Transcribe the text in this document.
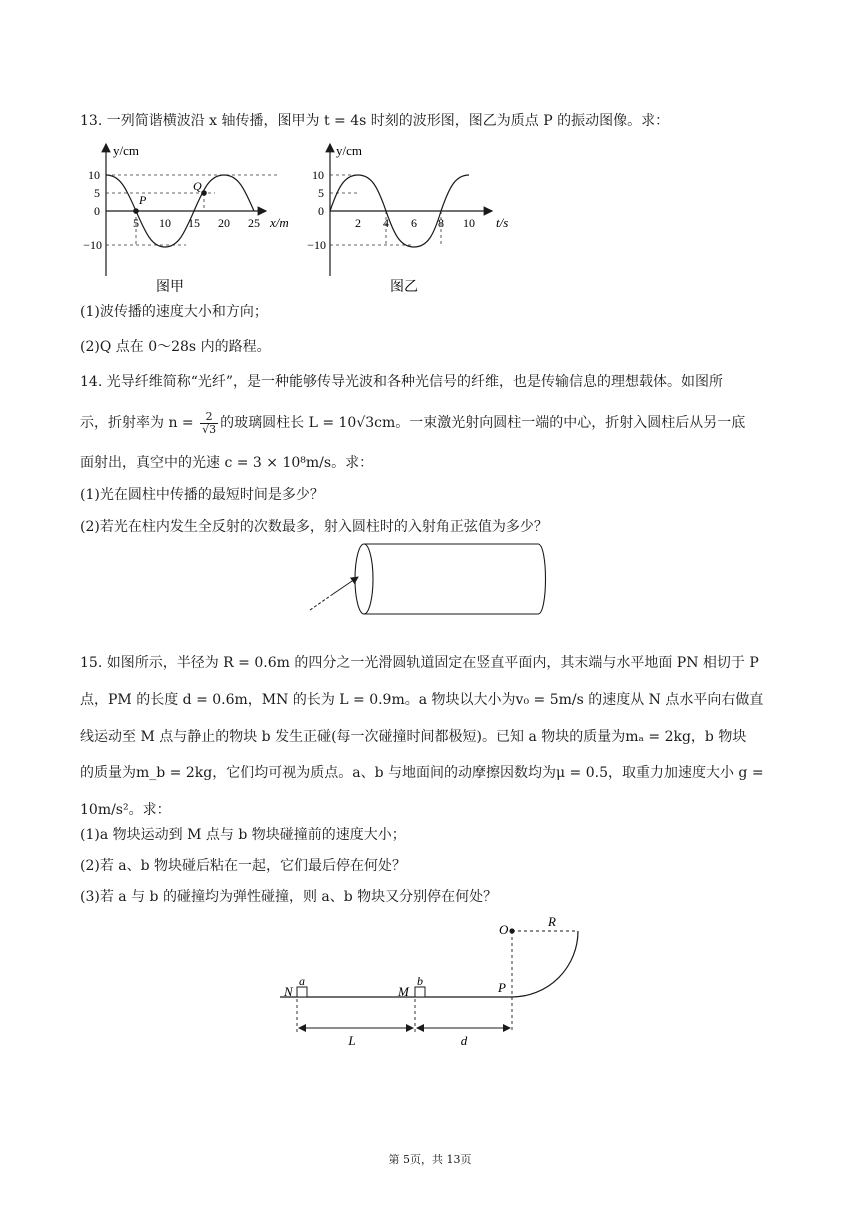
13. 一列简谐横波沿 x 轴传播，图甲为 t = 4s 时刻的波形图，图乙为质点 P 的振动图像。求：
P
Q
y/cm
x/m
10
5
0
−10
5 10 15 20 25
图甲
y/cm
t/s
10
5
0
−10
2 4 6 8 10
图乙
(1)波传播的速度大小和方向；
(2)Q 点在 0～28s 内的路程。
14. 光导纤维简称“光纤”，是一种能够传导光波和各种光信号的纤维，也是传输信息的理想载体。如图所
示，折射率为 $n = \frac{2}{√3}$ 的玻璃圆柱长 L = 10√3cm。一束激光射向圆柱一端的中心，折射入圆柱后从另一底
面射出，真空中的光速 c = 3 × 10⁸m/s。求：
(1)光在圆柱中传播的最短时间是多少？
(2)若光在柱内发生全反射的次数最多，射入圆柱时的入射角正弦值为多少？
15. 如图所示，半径为 R = 0.6m 的四分之一光滑圆轨道固定在竖直平面内，其末端与水平地面 PN 相切于 P
点，PM 的长度 d = 0.6m，MN 的长为 L = 0.9m。a 物块以大小为v₀ = 5m/s 的速度从 N 点水平向右做直
线运动至 M 点与静止的物块 b 发生正碰(每一次碰撞时间都极短)。已知 a 物块的质量为mₐ = 2kg，b 物块
的质量为m_b = 2kg，它们均可视为质点。a、b 与地面间的动摩擦因数均为μ = 0.5，取重力加速度大小 g =
10m/s²。求：
(1)a 物块运动到 M 点与 b 物块碰撞前的速度大小；
(2)若 a、b 物块碰后粘在一起，它们最后停在何处？
(3)若 a 与 b 的碰撞均为弹性碰撞，则 a、b 物块又分别停在何处？
O
R
N
a
M
b	P
L	d
第 5页，共 13页
